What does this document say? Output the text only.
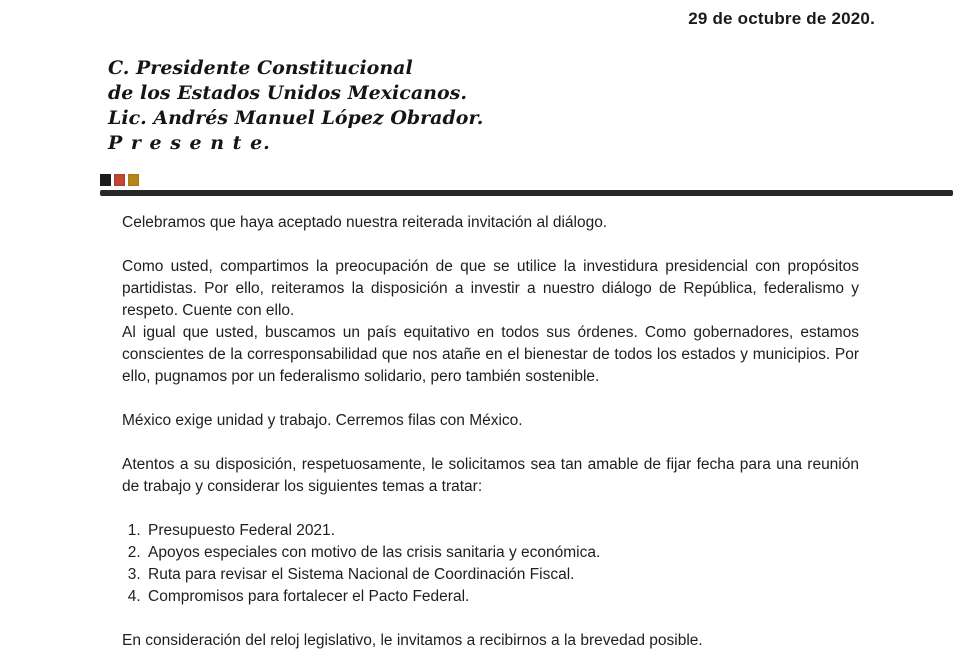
29 de octubre de 2020.
C. Presidente Constitucional
de los Estados Unidos Mexicanos.
Lic. Andrés Manuel López Obrador.
P r e s e n t e.

Celebramos que haya aceptado nuestra reiterada invitación al diálogo.

Como usted, compartimos la preocupación de que se utilice la investidura presidencial con propósitos partidistas. Por ello, reiteramos la disposición a investir a nuestro diálogo de República, federalismo y respeto. Cuente con ello.

Al igual que usted, buscamos un país equitativo en todos sus órdenes. Como gobernadores, estamos conscientes de la corresponsabilidad que nos atañe en el bienestar de todos los estados y municipios. Por ello, pugnamos por un federalismo solidario, pero también sostenible.

México exige unidad y trabajo. Cerremos filas con México.

Atentos a su disposición, respetuosamente, le solicitamos sea tan amable de fijar fecha para una reunión de trabajo y considerar los siguientes temas a tratar:

1. Presupuesto Federal 2021.
2. Apoyos especiales con motivo de las crisis sanitaria y económica.
3. Ruta para revisar el Sistema Nacional de Coordinación Fiscal.
4. Compromisos para fortalecer el Pacto Federal.

En consideración del reloj legislativo, le invitamos a recibirnos a la brevedad posible.
